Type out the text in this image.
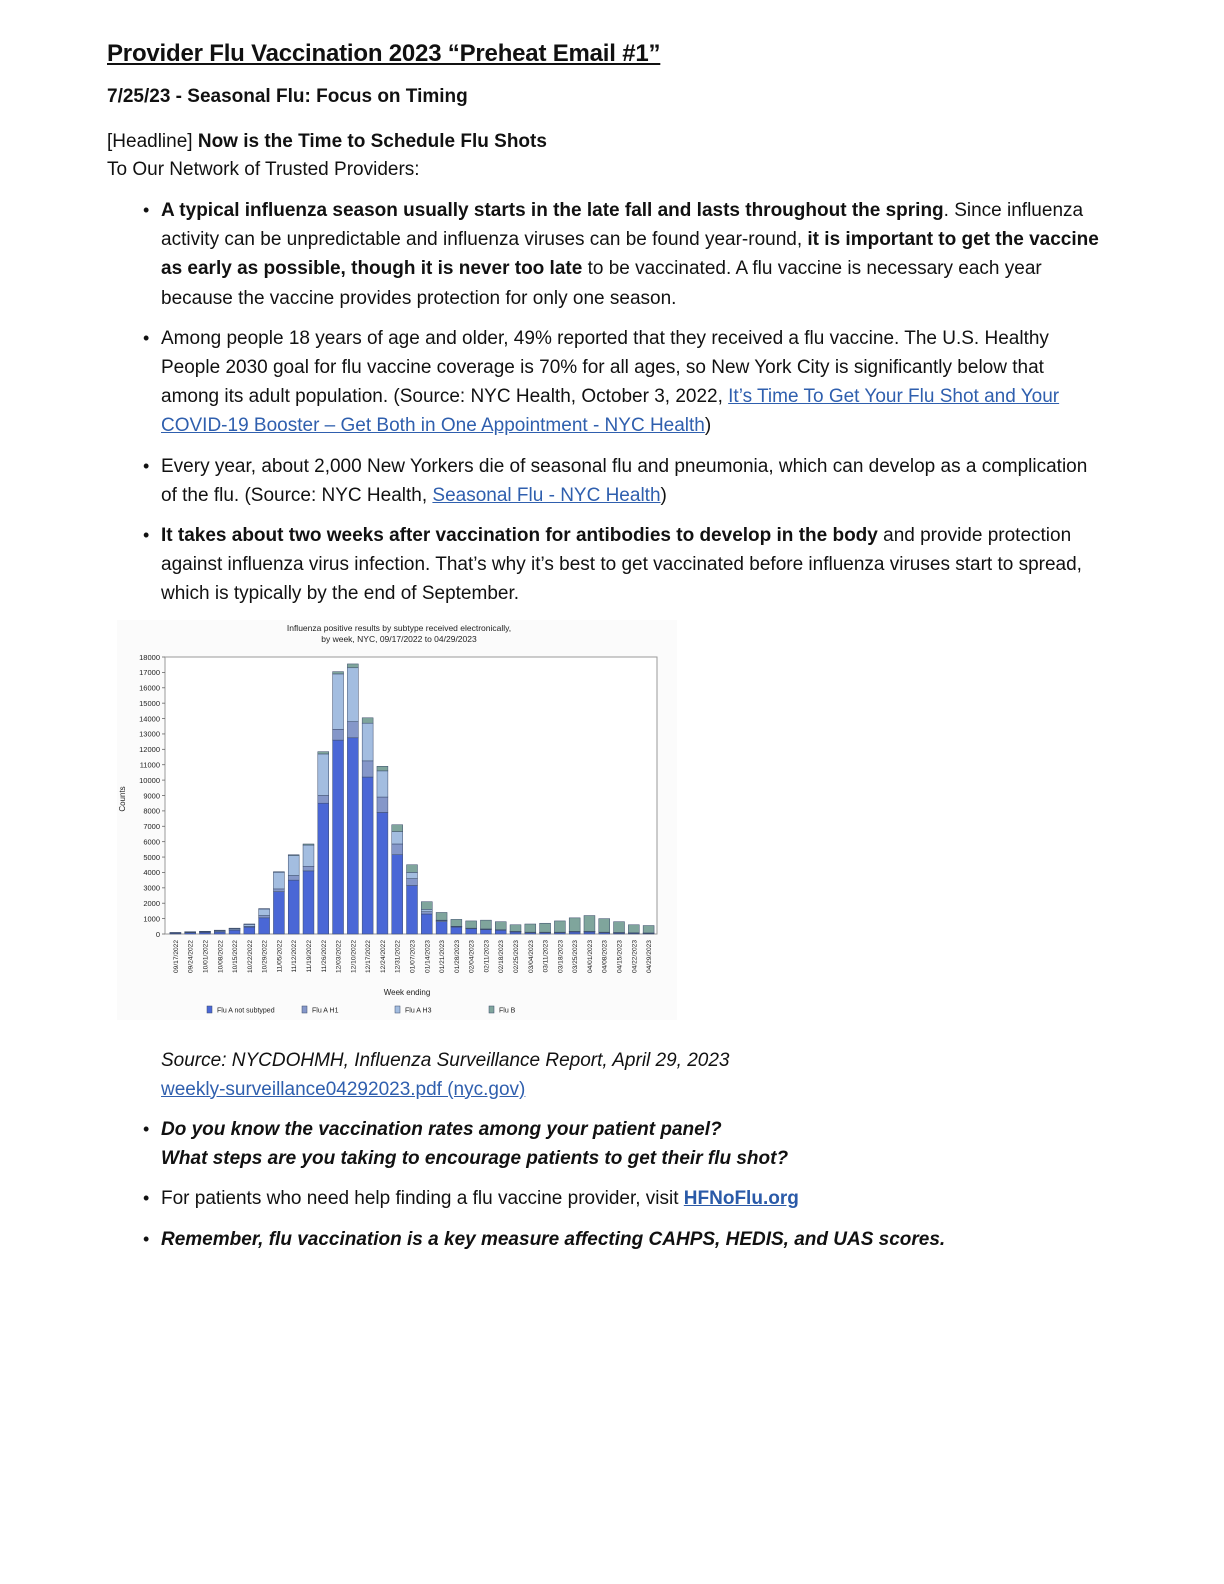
Provider Flu Vaccination 2023 “Preheat Email #1”
7/25/23 - Seasonal Flu: Focus on Timing
[Headline] Now is the Time to Schedule Flu Shots
To Our Network of Trusted Providers:
• A typical influenza season usually starts in the late fall and lasts throughout the spring. Since influenza activity can be unpredictable and influenza viruses can be found year-round, it is important to get the vaccine as early as possible, though it is never too late to be vaccinated. A flu vaccine is necessary each year because the vaccine provides protection for only one season.
• Among people 18 years of age and older, 49% reported that they received a flu vaccine. The U.S. Healthy People 2030 goal for flu vaccine coverage is 70% for all ages, so New York City is significantly below that among its adult population. (Source: NYC Health, October 3, 2022, It’s Time To Get Your Flu Shot and Your COVID-19 Booster – Get Both in One Appointment - NYC Health)
• Every year, about 2,000 New Yorkers die of seasonal flu and pneumonia, which can develop as a complication of the flu. (Source: NYC Health, Seasonal Flu - NYC Health)
• It takes about two weeks after vaccination for antibodies to develop in the body and provide protection against influenza virus infection. That’s why it’s best to get vaccinated before influenza viruses start to spread, which is typically by the end of September.
Influenza positive results by subtype received electronically,
by week, NYC, 09/17/2022 to 04/29/2023
0
1000
2000
3000
4000
5000
6000
7000
8000
9000
10000
11000
12000
13000
14000
15000
16000
17000
18000
09/17/2022 09/24/2022 10/01/2022 10/08/2022 10/15/2022 10/22/2022 10/29/2022 11/05/2022 11/12/2022 11/19/2022 11/26/2022 12/03/2022 12/10/2022 12/17/2022 12/24/2022 12/31/2022 01/07/2023 01/14/2023 01/21/2023 01/28/2023 02/04/2023 02/11/2023 02/18/2023 02/25/2023 03/04/2023 03/11/2023 03/18/2023 03/25/2023 04/01/2023 04/08/2023 04/15/2023 04/22/2023 04/29/2023
Counts
Week ending
Flu A not subtyped	Flu A H1	Flu A H3	Flu B
Source: NYCDOHMH, Influenza Surveillance Report, April 29, 2023
weekly-surveillance04292023.pdf (nyc.gov)
• Do you know the vaccination rates among your patient panel?
What steps are you taking to encourage patients to get their flu shot?
• For patients who need help finding a flu vaccine provider, visit HFNoFlu.org
• Remember, flu vaccination is a key measure affecting CAHPS, HEDIS, and UAS scores.
